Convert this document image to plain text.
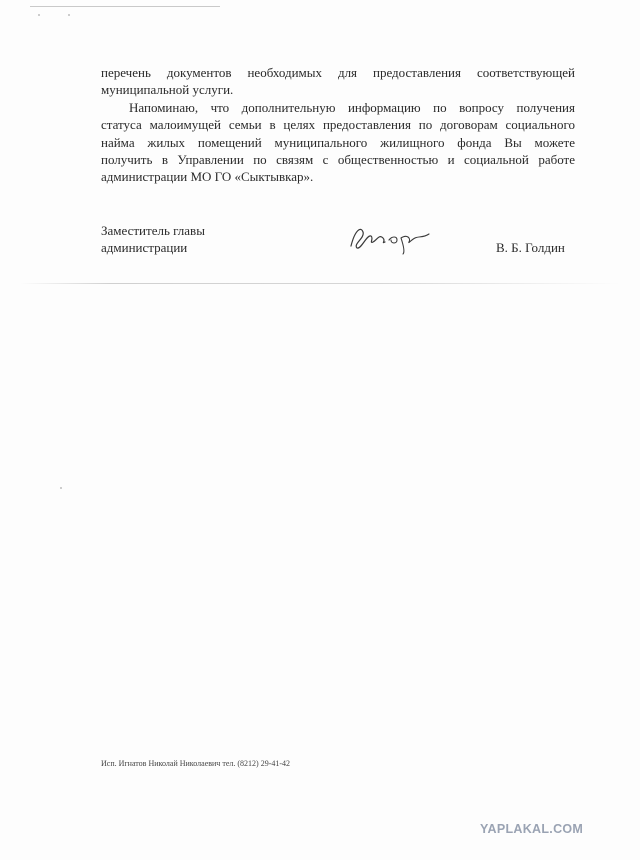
перечень документов необходимых для предоставления соответствующей
муниципальной услуги.
Напоминаю, что дополнительную информацию по вопросу получения
статуса малоимущей семьи в целях предоставления по договорам социального
найма жилых помещений муниципального жилищного фонда Вы можете
получить в Управлении по связям с общественностью и социальной работе
администрации МО ГО «Сыктывкар».
Заместитель главы
администрации	В. Б. Голдин
Исп. Игнатов Николай Николаевич тел. (8212) 29-41-42
YAPLAKAL.COM
